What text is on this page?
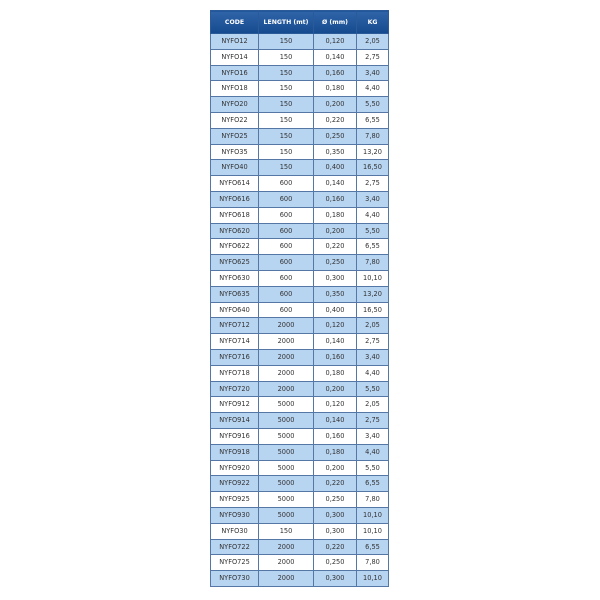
CODE	LENGTH (mt)	Ø (mm)	KG
NYFO12	150	0,120	2,05
NYFO14	150	0,140	2,75
NYFO16	150	0,160	3,40
NYFO18	150	0,180	4,40
NYFO20	150	0,200	5,50
NYFO22	150	0,220	6,55
NYFO25	150	0,250	7,80
NYFO35	150	0,350	13,20
NYFO40	150	0,400	16,50
NYFO614	600	0,140	2,75
NYFO616	600	0,160	3,40
NYFO618	600	0,180	4,40
NYFO620	600	0,200	5,50
NYFO622	600	0,220	6,55
NYFO625	600	0,250	7,80
NYFO630	600	0,300	10,10
NYFO635	600	0,350	13,20
NYFO640	600	0,400	16,50
NYFO712	2000	0,120	2,05
NYFO714	2000	0,140	2,75
NYFO716	2000	0,160	3,40
NYFO718	2000	0,180	4,40
NYFO720	2000	0,200	5,50
NYFO912	5000	0,120	2,05
NYFO914	5000	0,140	2,75
NYFO916	5000	0,160	3,40
NYFO918	5000	0,180	4,40
NYFO920	5000	0,200	5,50
NYFO922	5000	0,220	6,55
NYFO925	5000	0,250	7,80
NYFO930	5000	0,300	10,10
NYFO30	150	0,300	10,10
NYFO722	2000	0,220	6,55
NYFO725	2000	0,250	7,80
NYFO730	2000	0,300	10,10
